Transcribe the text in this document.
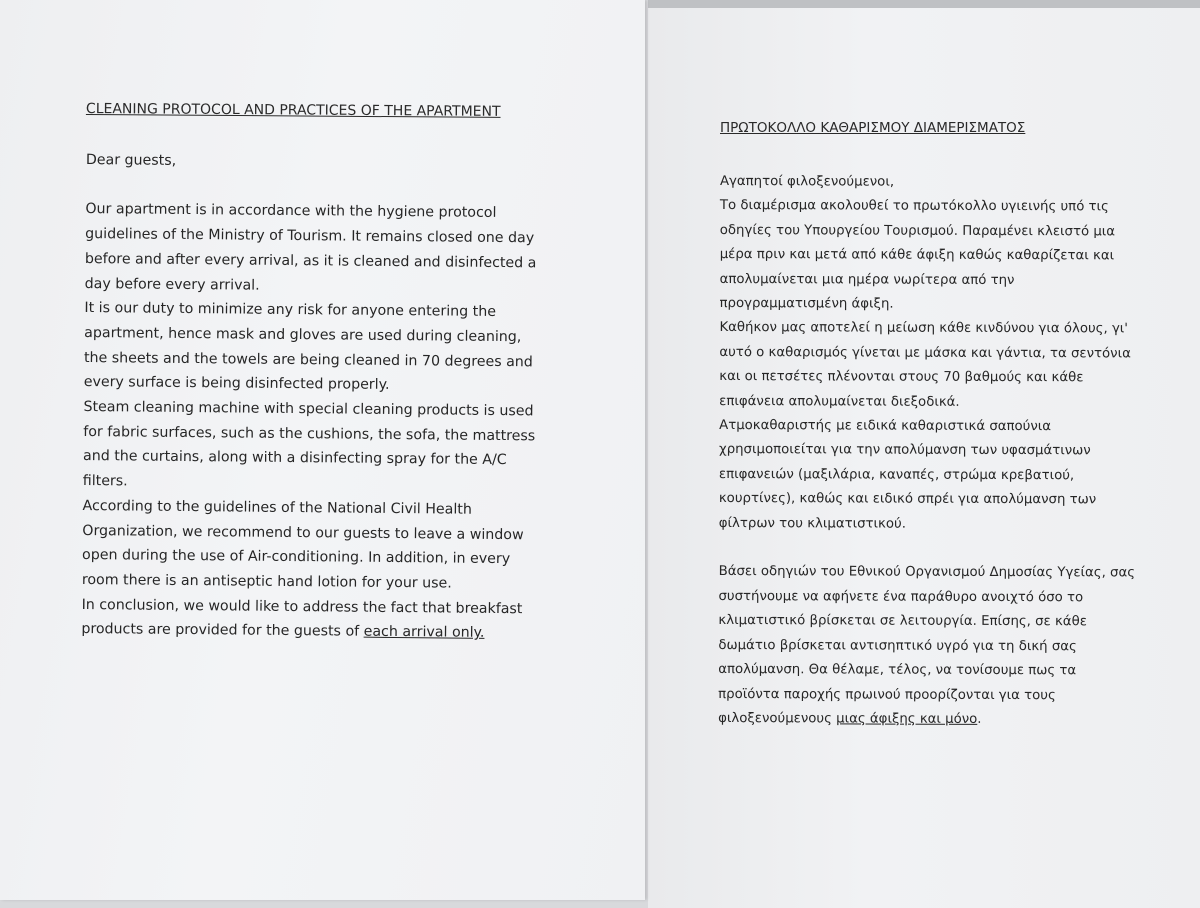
CLEANING PROTOCOL AND PRACTICES OF THE APARTMENT
Dear guests,
Our apartment is in accordance with the hygiene protocol
guidelines of the Ministry of Tourism. It remains closed one day
before and after every arrival, as it is cleaned and disinfected a
day before every arrival.
It is our duty to minimize any risk for anyone entering the
apartment, hence mask and gloves are used during cleaning,
the sheets and the towels are being cleaned in 70 degrees and
every surface is being disinfected properly.
Steam cleaning machine with special cleaning products is used
for fabric surfaces, such as the cushions, the sofa, the mattress
and the curtains, along with a disinfecting spray for the A/C
filters.
According to the guidelines of the National Civil Health
Organization, we recommend to our guests to leave a window
open during the use of Air-conditioning. In addition, in every
room there is an antiseptic hand lotion for your use.
In conclusion, we would like to address the fact that breakfast
products are provided for the guests of each arrival only.
ΠΡΩΤΟΚΟΛΛΟ ΚΑΘΑΡΙΣΜΟΥ ΔΙΑΜΕΡΙΣΜΑΤΟΣ
Αγαπητοί φιλοξενούμενοι,
Το διαμέρισμα ακολουθεί το πρωτόκολλο υγιεινής υπό τις
οδηγίες του Υπουργείου Τουρισμού. Παραμένει κλειστό μια
μέρα πριν και μετά από κάθε άφιξη καθώς καθαρίζεται και
απολυμαίνεται μια ημέρα νωρίτερα από την
προγραμματισμένη άφιξη.
Καθήκον μας αποτελεί η μείωση κάθε κινδύνου για όλους, γι'
αυτό ο καθαρισμός γίνεται με μάσκα και γάντια, τα σεντόνια
και οι πετσέτες πλένονται στους 70 βαθμούς και κάθε
επιφάνεια απολυμαίνεται διεξοδικά.
Ατμοκαθαριστής με ειδικά καθαριστικά σαπούνια
χρησιμοποιείται για την απολύμανση των υφασμάτινων
επιφανειών (μαξιλάρια, καναπές, στρώμα κρεβατιού,
κουρτίνες), καθώς και ειδικό σπρέι για απολύμανση των
φίλτρων του κλιματιστικού.
Βάσει οδηγιών του Εθνικού Οργανισμού Δημοσίας Υγείας, σας
συστήνουμε να αφήνετε ένα παράθυρο ανοιχτό όσο το
κλιματιστικό βρίσκεται σε λειτουργία. Επίσης, σε κάθε
δωμάτιο βρίσκεται αντισηπτικό υγρό για τη δική σας
απολύμανση. Θα θέλαμε, τέλος, να τονίσουμε πως τα
προϊόντα παροχής πρωινού προορίζονται για τους
φιλοξενούμενους μιας άφιξης και μόνο.
